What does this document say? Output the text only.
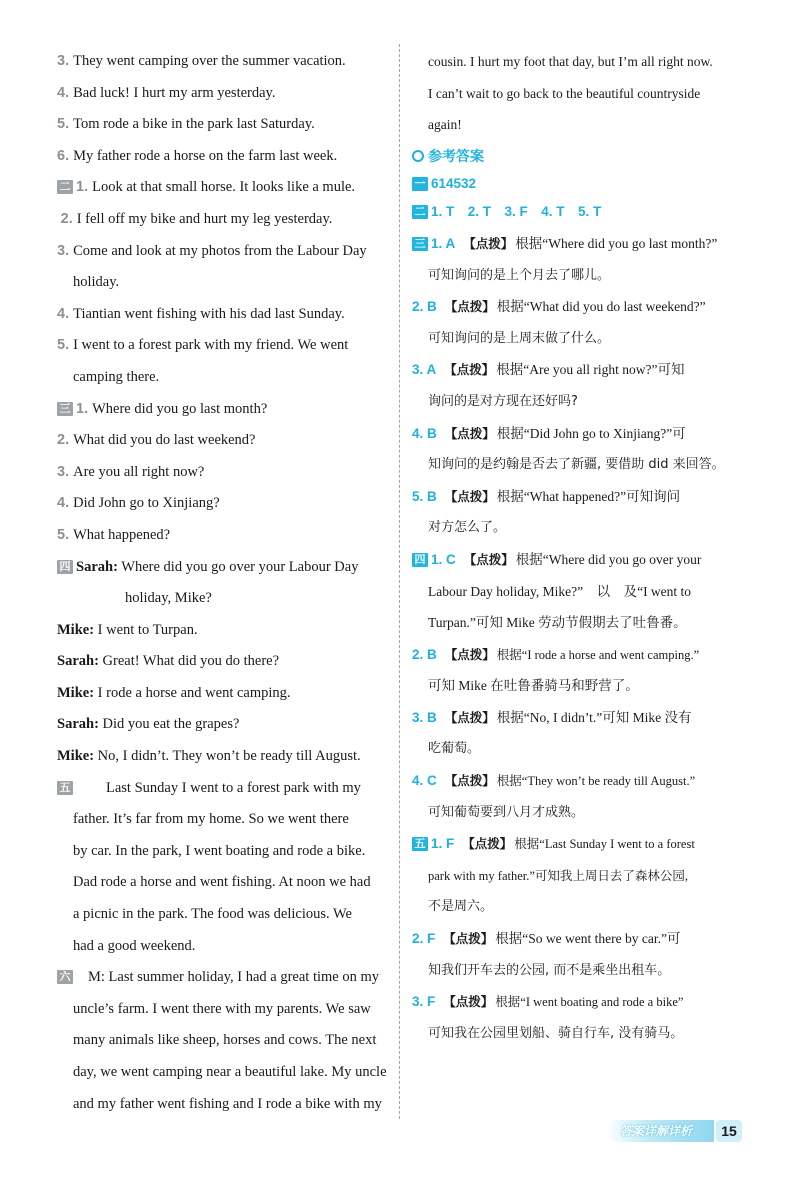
3. They went camping over the summer vacation.
4. Bad luck! I hurt my arm yesterday.
5. Tom rode a bike in the park last Saturday.
6. My father rode a horse on the farm last week.
二 1. Look at that small horse. It looks like a mule.
2. I fell off my bike and hurt my leg yesterday.
3. Come and look at my photos from the Labour Day
holiday.
4. Tiantian went fishing with his dad last Sunday.
5. I went to a forest park with my friend. We went
camping there.
三 1. Where did you go last month?
2. What did you do last weekend?
3. Are you all right now?
4. Did John go to Xinjiang?
5. What happened?
四 Sarah: Where did you go over your Labour Day
holiday, Mike?
Mike: I went to Turpan.
Sarah: Great! What did you do there?
Mike: I rode a horse and went camping.
Sarah: Did you eat the grapes?
Mike: No, I didn’t. They won’t be ready till August.
五 Last Sunday I went to a forest park with my
father. It’s far from my home. So we went there
by car. In the park, I went boating and rode a bike.
Dad rode a horse and went fishing. At noon we had
a picnic in the park. The food was delicious. We
had a good weekend.
六 M: Last summer holiday, I had a great time on my
uncle’s farm. I went there with my parents. We saw
many animals like sheep, horses and cows. The next
day, we went camping near a beautiful lake. My uncle
and my father went fishing and I rode a bike with my
cousin. I hurt my foot that day, but I’m all right now.
I can’t wait to go back to the beautiful countryside
again!
参考答案
一 614532
二 1. T　2. T　3. F　4. T　5. T
三 1. A 【点拨】 根据“Where did you go last month?”
可知询问的是上个月去了哪儿。
2. B 【点拨】 根据“What did you do last weekend?”
可知询问的是上周末做了什么。
3. A 【点拨】 根据“Are you all right now?”可知
询问的是对方现在还好吗?
4. B 【点拨】 根据“Did John go to Xinjiang?”可
知询问的是约翰是否去了新疆, 要借助 did 来回答。
5. B 【点拨】 根据“What happened?”可知询问
对方怎么了。
四 1. C 【点拨】 根据“Where did you go over your
Labour Day holiday, Mike?”　以　及“I went to
Turpan.”可知 Mike 劳动节假期去了吐鲁番。
2. B 【点拨】 根据“I rode a horse and went camping.”
可知 Mike 在吐鲁番骑马和野营了。
3. B 【点拨】 根据“No, I didn’t.”可知 Mike 没有
吃葡萄。
4. C 【点拨】 根据“They won’t be ready till August.”
可知葡萄要到八月才成熟。
五 1. F 【点拨】 根据“Last Sunday I went to a forest
park with my father.”可知我上周日去了森林公园,
不是周六。
2. F 【点拨】 根据“So we went there by car.”可
知我们开车去的公园, 而不是乘坐出租车。
3. F 【点拨】 根据“I went boating and rode a bike”
可知我在公园里划船、骑自行车, 没有骑马。
答案详解详析	15
